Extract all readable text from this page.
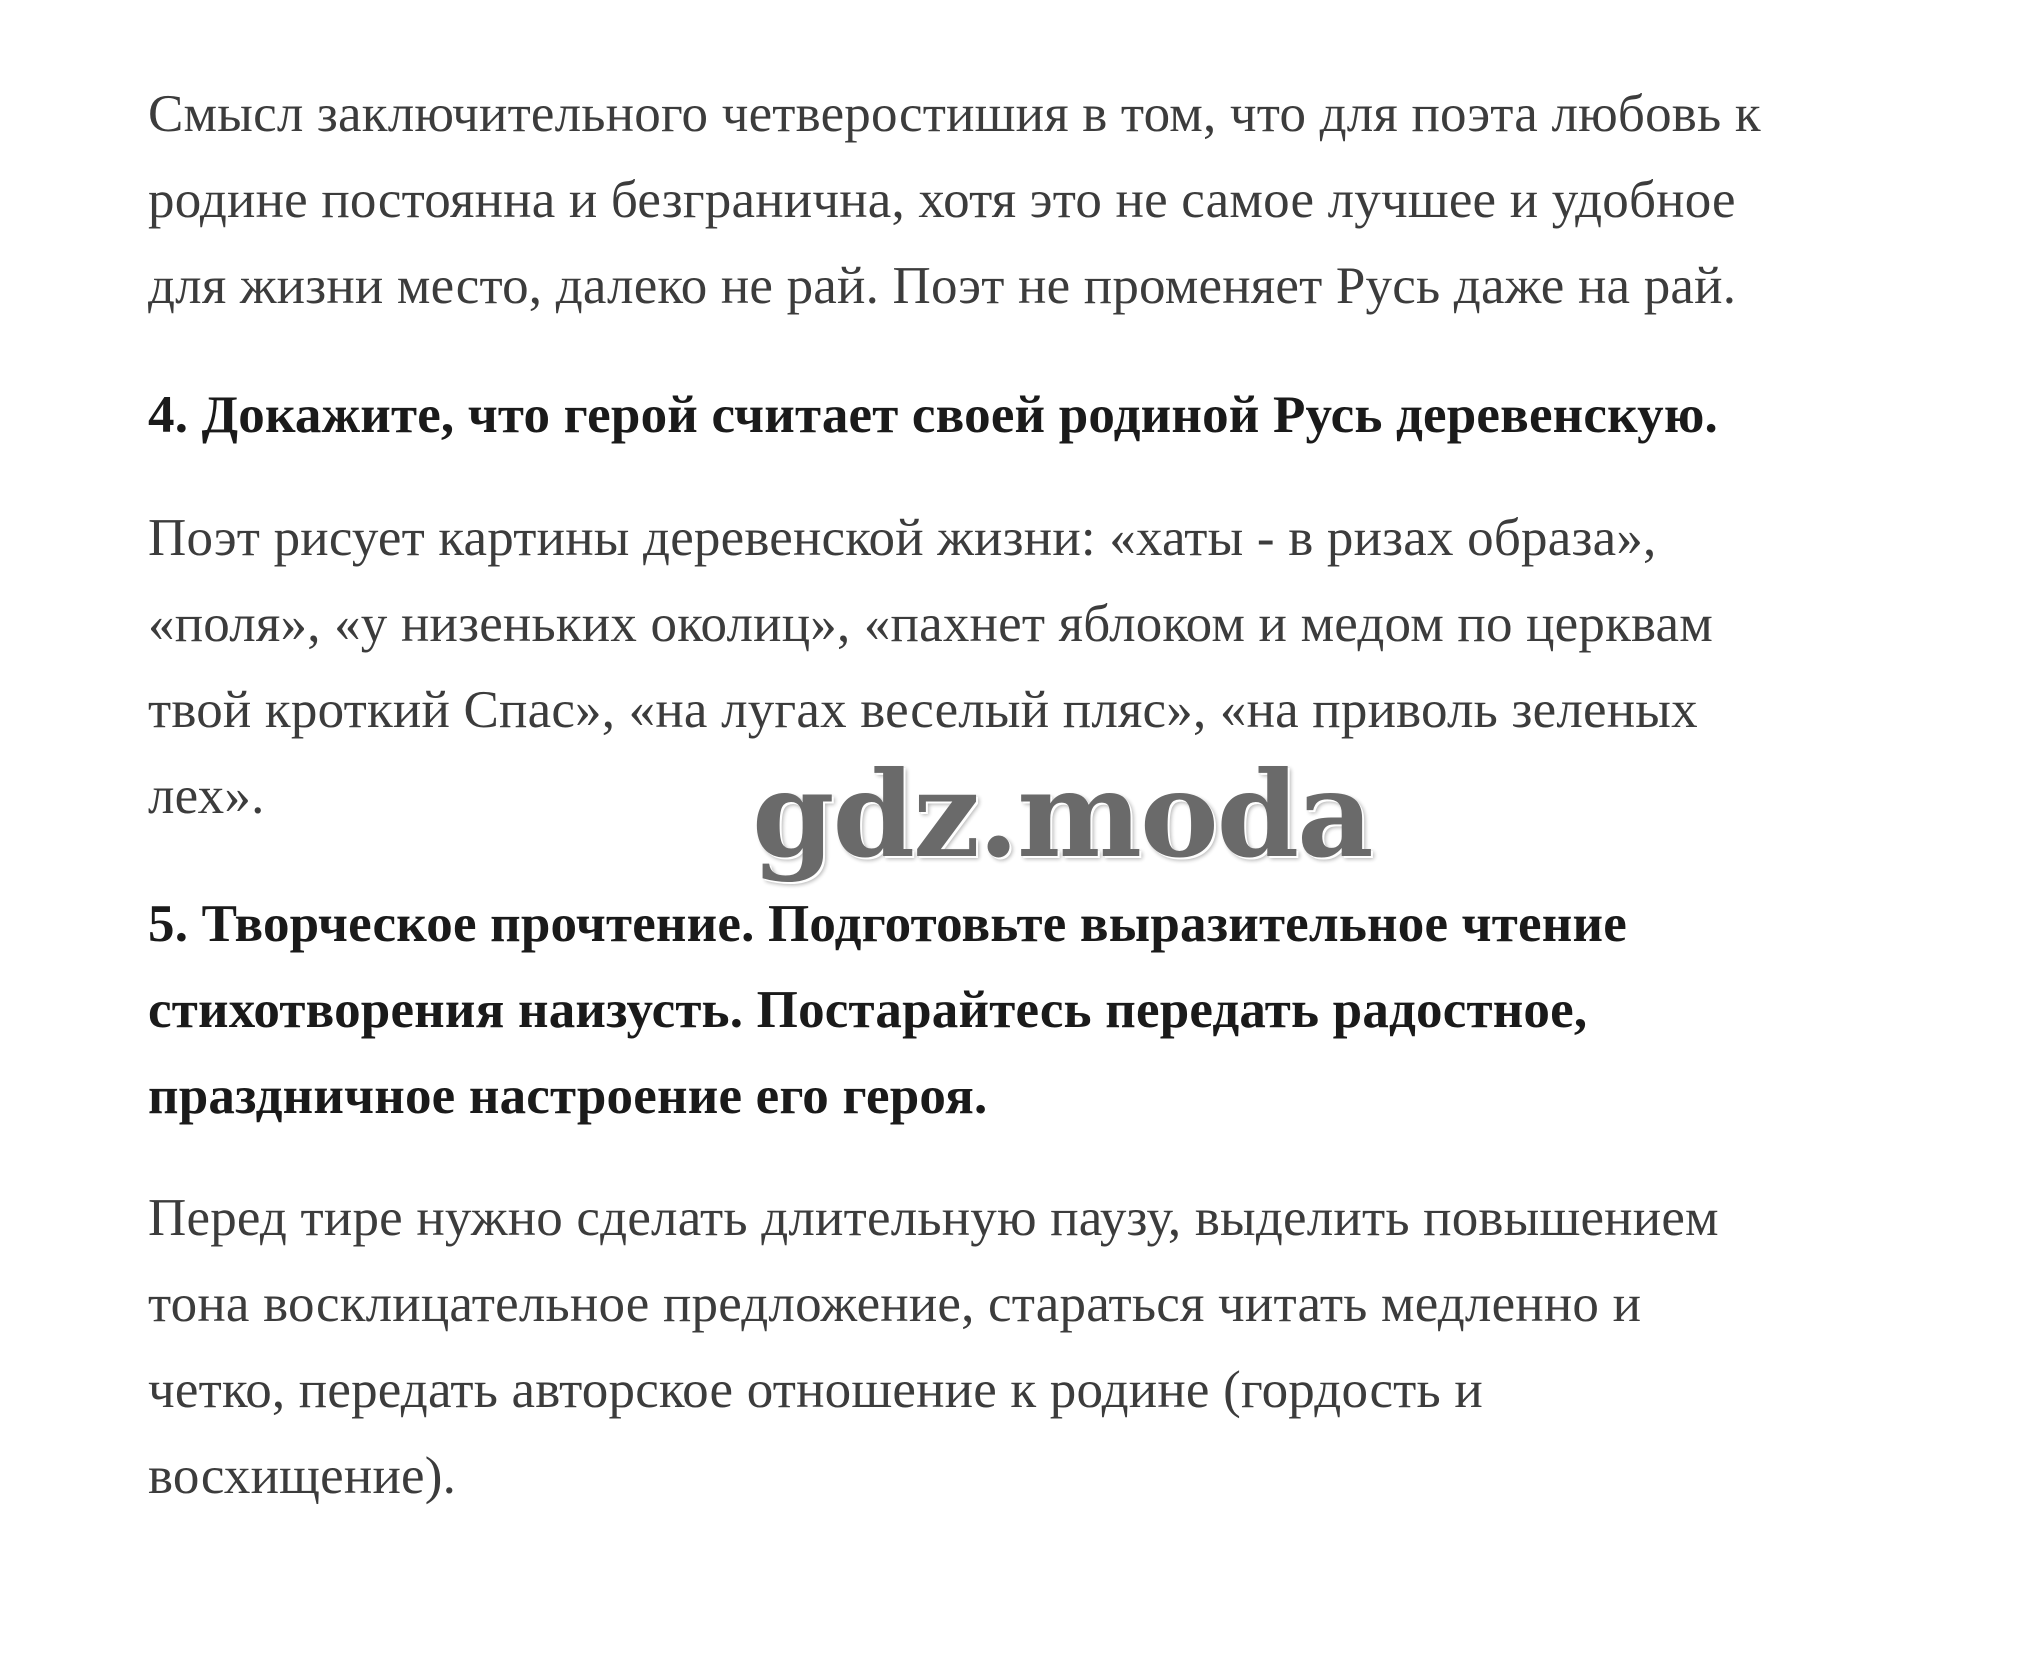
Смысл заключительного четверостишия в том, что для поэта любовь к
родине постоянна и безгранична, хотя это не самое лучшее и удобное
для жизни место, далеко не рай. Поэт не променяет Русь даже на рай.
4. Докажите, что герой считает своей родиной Русь деревенскую.
Поэт рисует картины деревенской жизни: «хаты - в ризах образа»,
«поля», «у низеньких околиц», «пахнет яблоком и медом по церквам
твой кроткий Спас», «на лугах веселый пляс», «на приволь зеленых
лех».	gdz.moda
5. Творческое прочтение. Подготовьте выразительное чтение
стихотворения наизусть. Постарайтесь передать радостное,
праздничное настроение его героя.
Перед тире нужно сделать длительную паузу, выделить повышением
тона восклицательное предложение, стараться читать медленно и
четко, передать авторское отношение к родине (гордость и
восхищение).
